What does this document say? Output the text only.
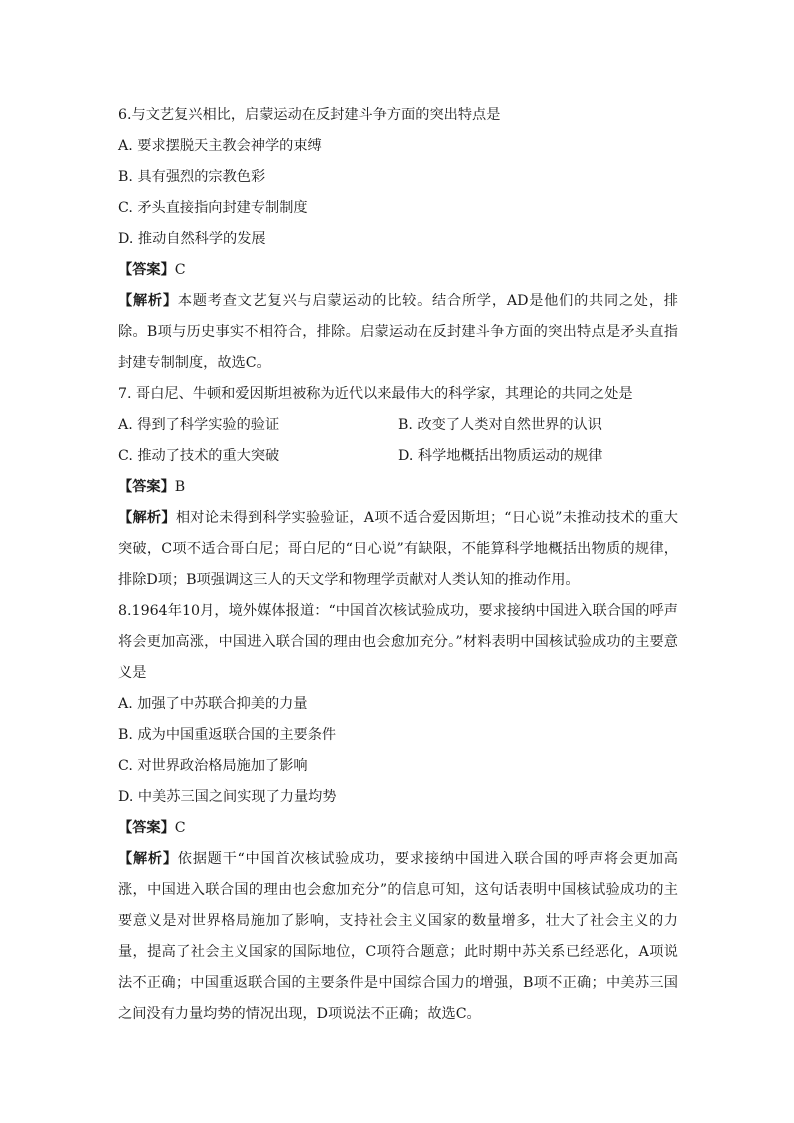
6.与文艺复兴相比，启蒙运动在反封建斗争方面的突出特点是
A. 要求摆脱天主教会神学的束缚
B. 具有强烈的宗教色彩
C. 矛头直接指向封建专制制度
D. 推动自然科学的发展
【答案】C
【解析】本题考查文艺复兴与启蒙运动的比较。结合所学，AD是他们的共同之处，排除。B项与历史事实不相符合，排除。启蒙运动在反封建斗争方面的突出特点是矛头直指封建专制制度，故选C。
7. 哥白尼、牛顿和爱因斯坦被称为近代以来最伟大的科学家，其理论的共同之处是
A. 得到了科学实验的验证	B. 改变了人类对自然世界的认识
C. 推动了技术的重大突破	D. 科学地概括出物质运动的规律
【答案】B
【解析】相对论未得到科学实验验证，A项不适合爱因斯坦；“日心说”未推动技术的重大突破，C项不适合哥白尼；哥白尼的“日心说”有缺限，不能算科学地概括出物质的规律，排除D项；B项强调这三人的天文学和物理学贡献对人类认知的推动作用。
8.1964年10月，境外媒体报道：“中国首次核试验成功，要求接纳中国进入联合国的呼声将会更加高涨，中国进入联合国的理由也会愈加充分。”材料表明中国核试验成功的主要意义是
A. 加强了中苏联合抑美的力量
B. 成为中国重返联合国的主要条件
C. 对世界政治格局施加了影响
D. 中美苏三国之间实现了力量均势
【答案】C
【解析】依据题干“中国首次核试验成功，要求接纳中国进入联合国的呼声将会更加高涨，中国进入联合国的理由也会愈加充分”的信息可知，这句话表明中国核试验成功的主要意义是对世界格局施加了影响，支持社会主义国家的数量增多，壮大了社会主义的力量，提高了社会主义国家的国际地位，C项符合题意；此时期中苏关系已经恶化，A项说法不正确；中国重返联合国的主要条件是中国综合国力的增强，B项不正确；中美苏三国之间没有力量均势的情况出现，D项说法不正确；故选C。
